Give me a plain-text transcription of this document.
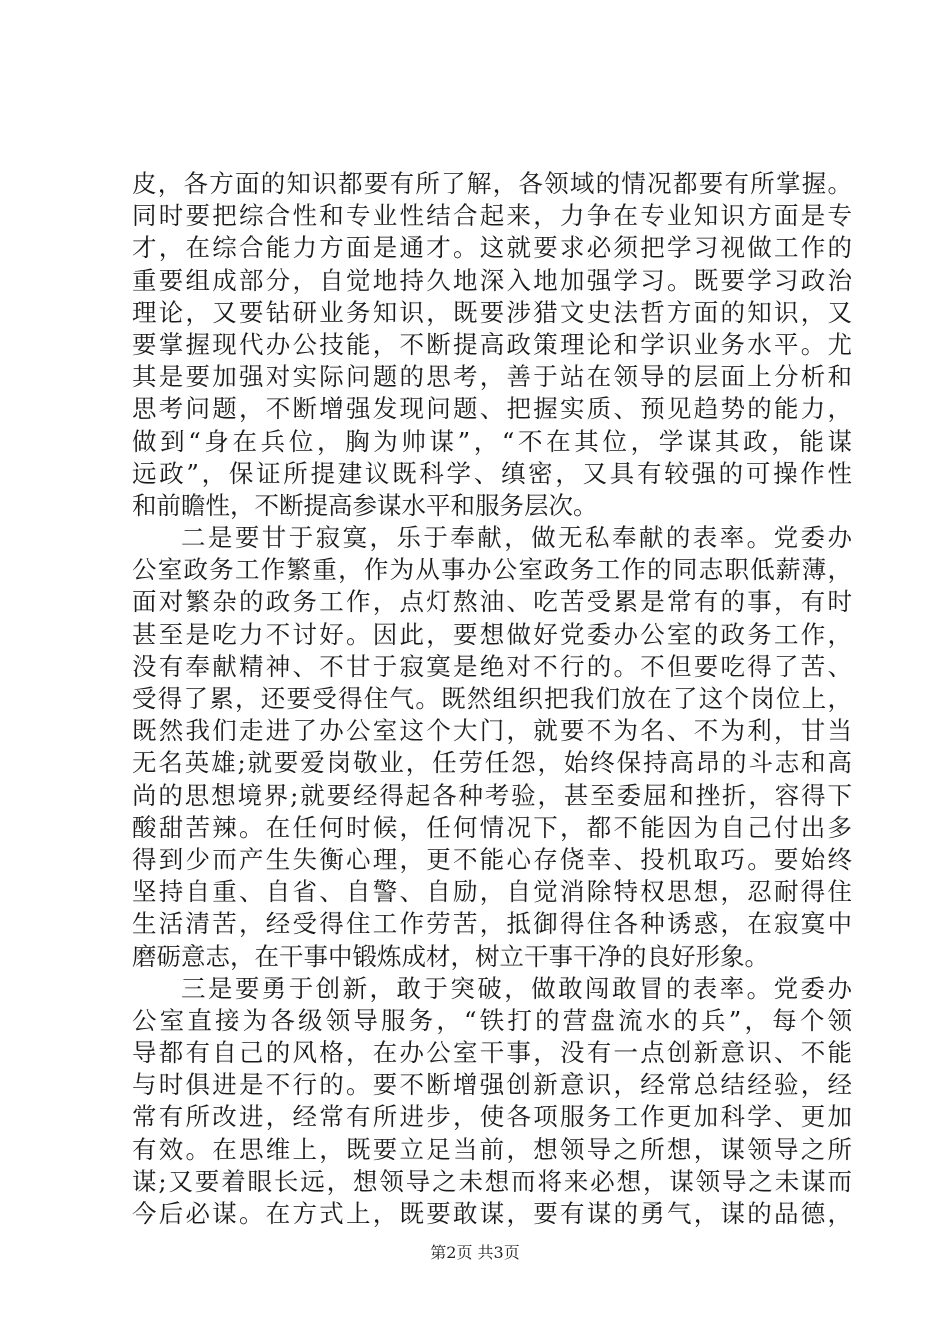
皮，各方面的知识都要有所了解，各领域的情况都要有所掌握。
同时要把综合性和专业性结合起来，力争在专业知识方面是专
才，在综合能力方面是通才。这就要求必须把学习视做工作的
重要组成部分，自觉地持久地深入地加强学习。既要学习政治
理论，又要钻研业务知识，既要涉猎文史法哲方面的知识，又
要掌握现代办公技能，不断提高政策理论和学识业务水平。尤
其是要加强对实际问题的思考，善于站在领导的层面上分析和
思考问题，不断增强发现问题、把握实质、预见趋势的能力，
做到“身在兵位，胸为帅谋”，“不在其位，学谋其政，能谋
远政”，保证所提建议既科学、缜密，又具有较强的可操作性
和前瞻性，不断提高参谋水平和服务层次。
二是要甘于寂寞，乐于奉献，做无私奉献的表率。党委办
公室政务工作繁重，作为从事办公室政务工作的同志职低薪薄，
面对繁杂的政务工作，点灯熬油、吃苦受累是常有的事，有时
甚至是吃力不讨好。因此，要想做好党委办公室的政务工作，
没有奉献精神、不甘于寂寞是绝对不行的。不但要吃得了苦、
受得了累，还要受得住气。既然组织把我们放在了这个岗位上，
既然我们走进了办公室这个大门，就要不为名、不为利，甘当
无名英雄;就要爱岗敬业，任劳任怨，始终保持高昂的斗志和高
尚的思想境界;就要经得起各种考验，甚至委屈和挫折，容得下
酸甜苦辣。在任何时候，任何情况下，都不能因为自己付出多
得到少而产生失衡心理，更不能心存侥幸、投机取巧。要始终
坚持自重、自省、自警、自励，自觉消除特权思想，忍耐得住
生活清苦，经受得住工作劳苦，抵御得住各种诱惑，在寂寞中
磨砺意志，在干事中锻炼成材，树立干事干净的良好形象。
三是要勇于创新，敢于突破，做敢闯敢冒的表率。党委办
公室直接为各级领导服务，“铁打的营盘流水的兵”，每个领
导都有自己的风格，在办公室干事，没有一点创新意识、不能
与时俱进是不行的。要不断增强创新意识，经常总结经验，经
常有所改进，经常有所进步，使各项服务工作更加科学、更加
有效。在思维上，既要立足当前，想领导之所想，谋领导之所
谋;又要着眼长远，想领导之未想而将来必想，谋领导之未谋而
今后必谋。在方式上，既要敢谋，要有谋的勇气，谋的品德，
第2页 共3页
